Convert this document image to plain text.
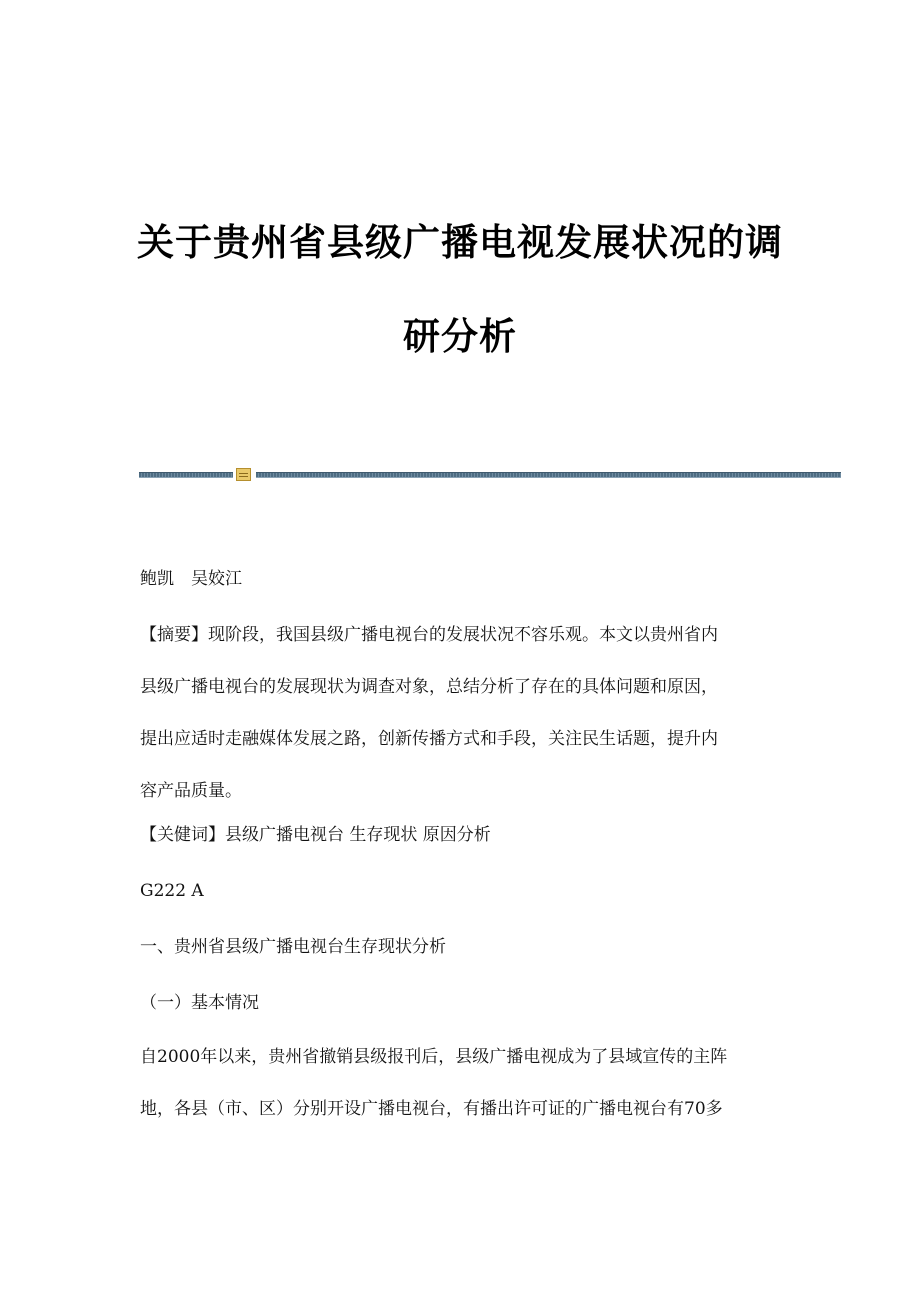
关于贵州省县级广播电视发展状况的调
研分析

鲍凯　吴姣江

【摘要】现阶段，我国县级广播电视台的发展状况不容乐观。本文以贵州省内
县级广播电视台的发展现状为调查对象，总结分析了存在的具体问题和原因，
提出应适时走融媒体发展之路，创新传播方式和手段，关注民生话题，提升内
容产品质量。

【关健词】县级广播电视台 生存现状 原因分析

G222 A

一、贵州省县级广播电视台生存现状分析

（一）基本情况

自2000年以来，贵州省撤销县级报刊后，县级广播电视成为了县域宣传的主阵
地，各县（市、区）分别开设广播电视台，有播出许可证的广播电视台有70多
